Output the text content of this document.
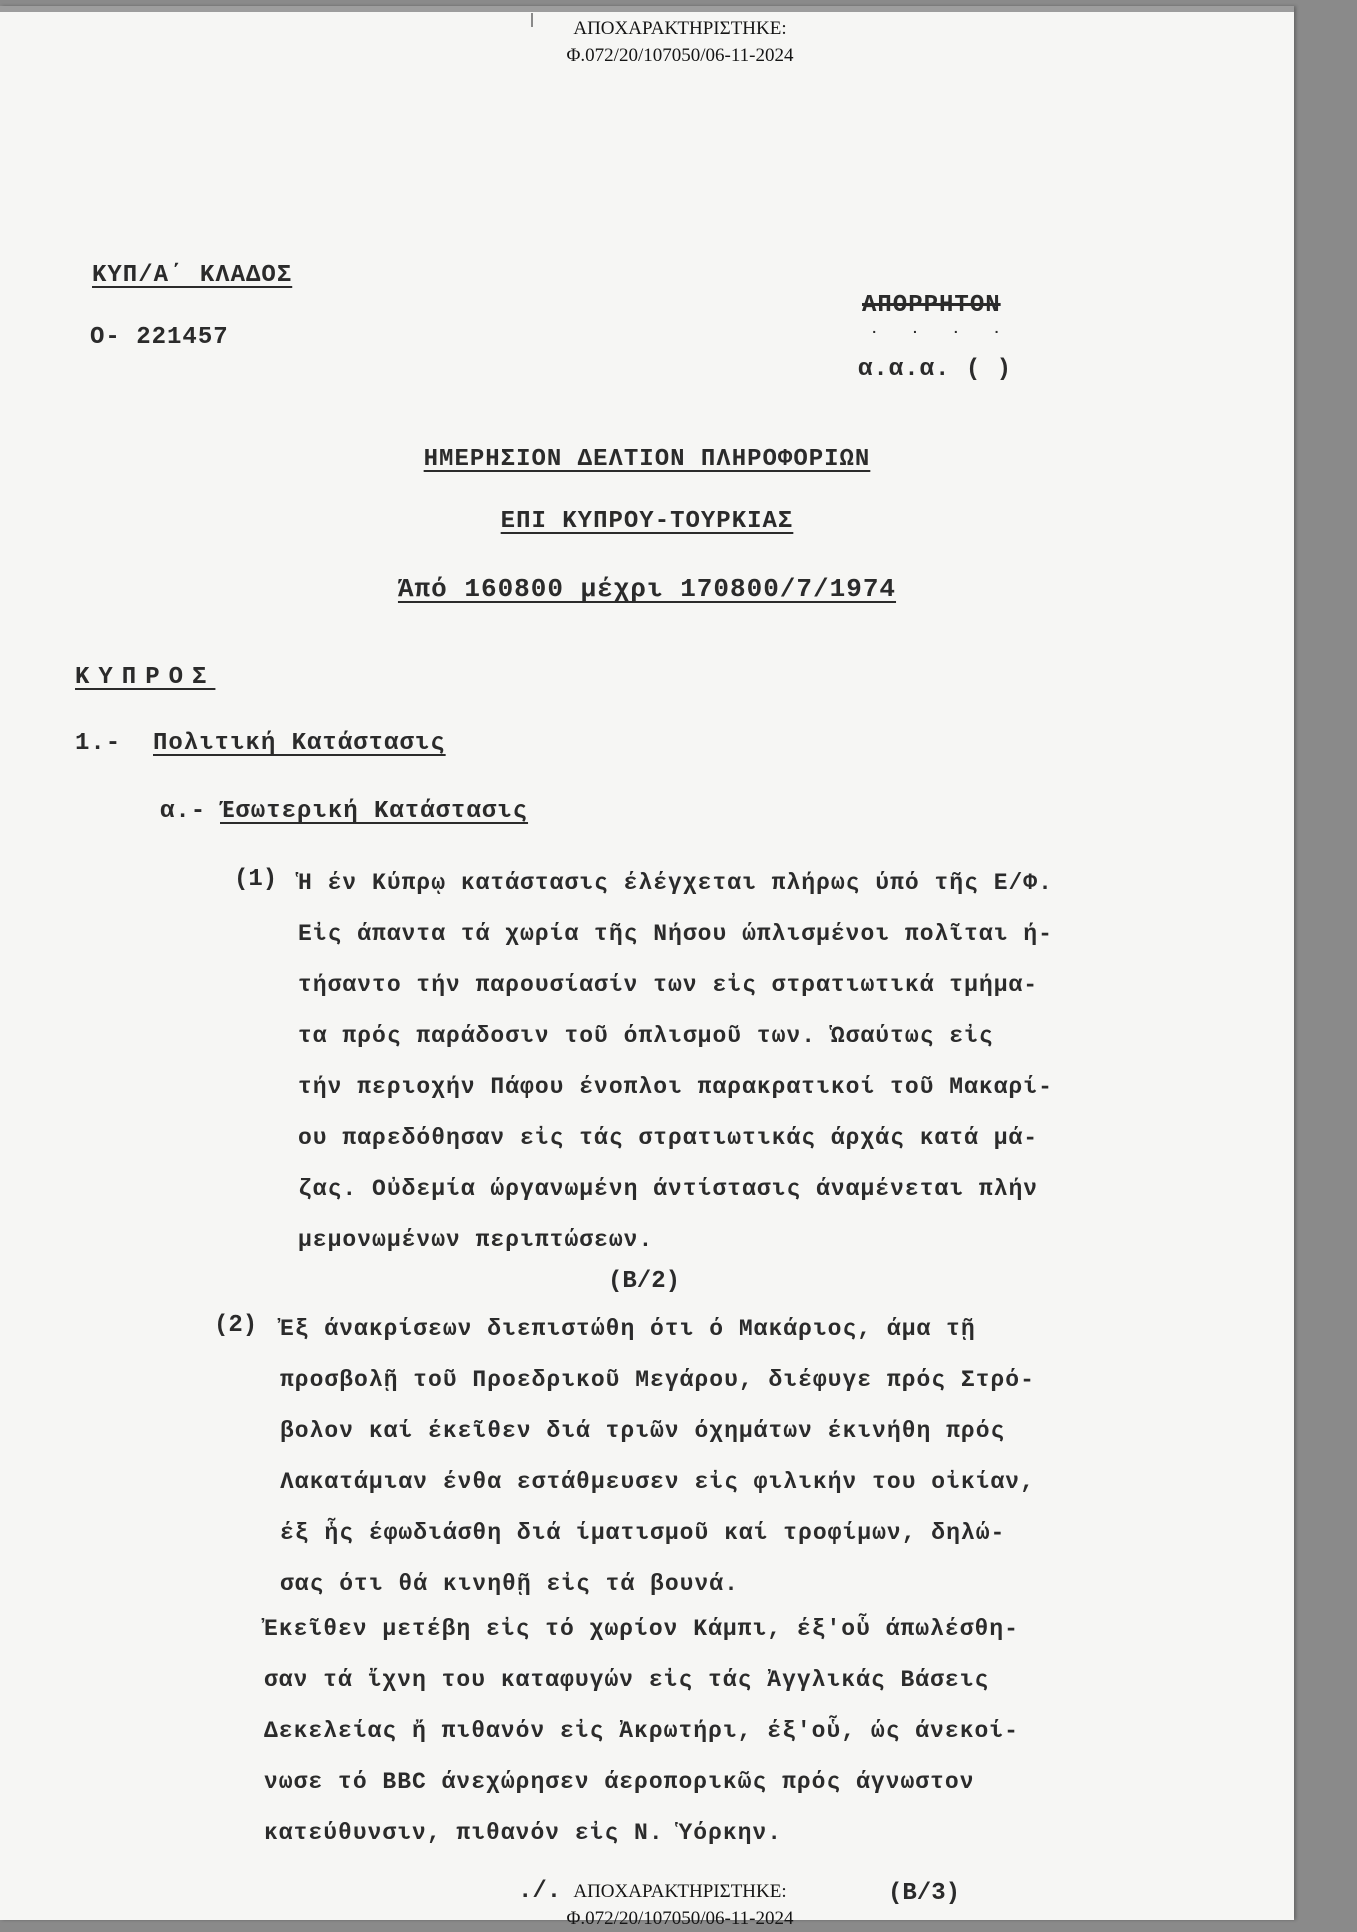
ǀ	ΑΠΟΧΑΡΑΚΤΗΡΙΣΤΗΚΕ:
Φ.072/20/107050/06-11-2024
ΚΥΠ/Α΄ ΚΛΑΔΟΣ
Ο- 221457
ΑΠΟΡΡΗΤΟΝ
. . . .
α.α.α. ( )
ΗΜΕΡΗΣΙΟΝ ΔΕΛΤΙΟΝ ΠΛΗΡΟΦΟΡΙΩΝ
ΕΠΙ ΚΥΠΡΟΥ-ΤΟΥΡΚΙΑΣ
Άπό 160800 μέχρι 170800/7/1974
ΚΥΠΡΟΣ
1.- Πολιτική Κατάστασις
α.- Έσωτερική Κατάστασις
(1) Ἡ έν Κύπρῳ κατάστασις έλέγχεται πλήρως ύπό τῆς Ε/Φ.
Εἰς άπαντα τά χωρία τῆς Νήσου ώπλισμένοι πολῖται ή-
τήσαντο τήν παρουσίασίν των εἰς στρατιωτικά τμήμα-
τα πρός παράδοσιν τοῦ όπλισμοῦ των. Ὡσαύτως εἰς
τήν περιοχήν Πάφου ένοπλοι παρακρατικοί τοῦ Μακαρί-
ου παρεδόθησαν εἰς τάς στρατιωτικάς άρχάς κατά μά-
ζας. Οὐδεμία ώργανωμένη άντίστασις άναμένεται πλήν
μεμονωμένων περιπτώσεων.
(Β/2)
(2) Ἐξ άνακρίσεων διεπιστώθη ότι ό Μακάριος, άμα τῇ
προσβολῇ τοῦ Προεδρικοῦ Μεγάρου, διέφυγε πρός Στρό-
βολον καί έκεῖθεν διά τριῶν όχημάτων έκινήθη πρός
Λακατάμιαν ένθα εστάθμευσεν εἰς φιλικήν του οἰκίαν,
έξ ἧς έφωδιάσθη διά ίματισμοῦ καί τροφίμων, δηλώ-
σας ότι θά κινηθῇ εἰς τά βουνά.
Ἐκεῖθεν μετέβη εἰς τό χωρίον Κάμπι, έξ'οὗ άπωλέσθη-
σαν τά ἴχνη του καταφυγών εἰς τάς Ἀγγλικάς Βάσεις
Δεκελείας ἤ πιθανόν εἰς Ἀκρωτήρι, έξ'οὗ, ώς άνεκοί-
νωσε τό ΒΒC άνεχώρησεν άεροπορικῶς πρός άγνωστον
κατεύθυνσιν, πιθανόν εἰς Ν. Ὑόρκην.
./.	(Β/3)
ΑΠΟΧΑΡΑΚΤΗΡΙΣΤΗΚΕ:
Φ.072/20/107050/06-11-2024
